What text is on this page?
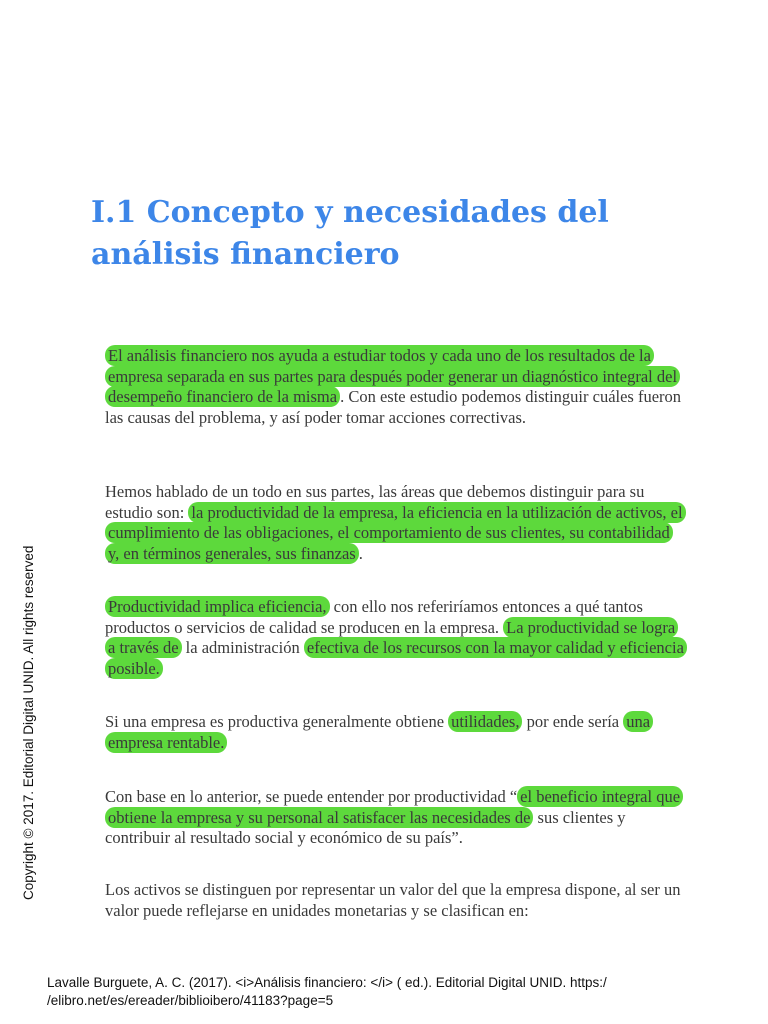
I.1 Concepto y necesidades del análisis financiero

El análisis financiero nos ayuda a estudiar todos y cada uno de los resultados de la empresa separada en sus partes para después poder generar un diagnóstico integral del desempeño financiero de la misma . Con este estudio podemos distinguir cuáles fueron las causas del problema, y así poder tomar acciones correctivas.

Hemos hablado de un todo en sus partes, las áreas que debemos distinguir para su estudio son: la productividad de la empresa, la eficiencia en la utilización de activos, el cumplimiento de las obligaciones, el comportamiento de sus clientes, su contabilidad y, en términos generales, sus finanzas .

Productividad implica eficiencia, con ello nos referiríamos entonces a qué tantos productos o servicios de calidad se producen en la empresa. La productividad se logra a través de la administración efectiva de los recursos con la mayor calidad y eficiencia posible.

Si una empresa es productiva generalmente obtiene utilidades, por ende sería una empresa rentable.

Con base en lo anterior, se puede entender por productividad “ el beneficio integral que obtiene la empresa y su personal al satisfacer las necesidades de sus clientes y contribuir al resultado social y económico de su país”.

Los activos se distinguen por representar un valor del que la empresa dispone, al ser un valor puede reflejarse en unidades monetarias y se clasifican en:

Copyright © 2017. Editorial Digital UNID. All rights reserved

Lavalle Burguete, A. C. (2017). <i>Análisis financiero: </i> ( ed.). Editorial Digital UNID. https:/
/elibro.net/es/ereader/biblioibero/41183?page=5
